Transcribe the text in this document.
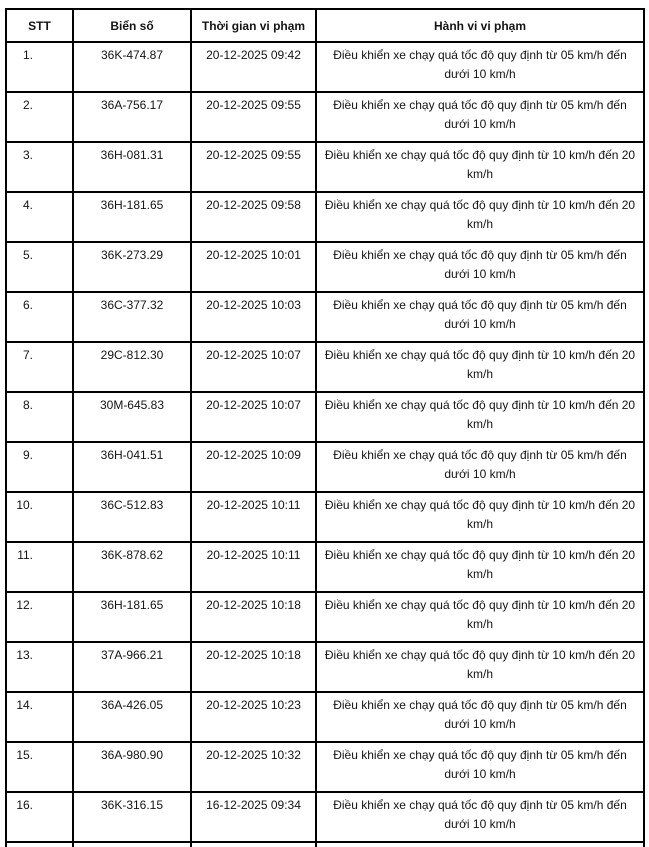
STT	Biển số	Thời gian vi phạm	Hành vi vi phạm
1.	36K-474.87	20-12-2025 09:42	Điều khiển xe chạy quá tốc độ quy định từ 05 km/h đến dưới 10 km/h
2.	36A-756.17	20-12-2025 09:55	Điều khiển xe chạy quá tốc độ quy định từ 05 km/h đến dưới 10 km/h
3.	36H-081.31	20-12-2025 09:55	Điều khiển xe chạy quá tốc độ quy định từ 10 km/h đến 20 km/h
4.	36H-181.65	20-12-2025 09:58	Điều khiển xe chạy quá tốc độ quy định từ 10 km/h đến 20 km/h
5.	36K-273.29	20-12-2025 10:01	Điều khiển xe chạy quá tốc độ quy định từ 05 km/h đến dưới 10 km/h
6.	36C-377.32	20-12-2025 10:03	Điều khiển xe chạy quá tốc độ quy định từ 05 km/h đến dưới 10 km/h
7.	29C-812.30	20-12-2025 10:07	Điều khiển xe chạy quá tốc độ quy định từ 10 km/h đến 20 km/h
8.	30M-645.83	20-12-2025 10:07	Điều khiển xe chạy quá tốc độ quy định từ 10 km/h đến 20 km/h
9.	36H-041.51	20-12-2025 10:09	Điều khiển xe chạy quá tốc độ quy định từ 05 km/h đến dưới 10 km/h
10.	36C-512.83	20-12-2025 10:11	Điều khiển xe chạy quá tốc độ quy định từ 10 km/h đến 20 km/h
11.	36K-878.62	20-12-2025 10:11	Điều khiển xe chạy quá tốc độ quy định từ 10 km/h đến 20 km/h
12.	36H-181.65	20-12-2025 10:18	Điều khiển xe chạy quá tốc độ quy định từ 10 km/h đến 20 km/h
13.	37A-966.21	20-12-2025 10:18	Điều khiển xe chạy quá tốc độ quy định từ 10 km/h đến 20 km/h
14.	36A-426.05	20-12-2025 10:23	Điều khiển xe chạy quá tốc độ quy định từ 05 km/h đến dưới 10 km/h
15.	36A-980.90	20-12-2025 10:32	Điều khiển xe chạy quá tốc độ quy định từ 05 km/h đến dưới 10 km/h
16.	36K-316.15	16-12-2025 09:34	Điều khiển xe chạy quá tốc độ quy định từ 05 km/h đến dưới 10 km/h
